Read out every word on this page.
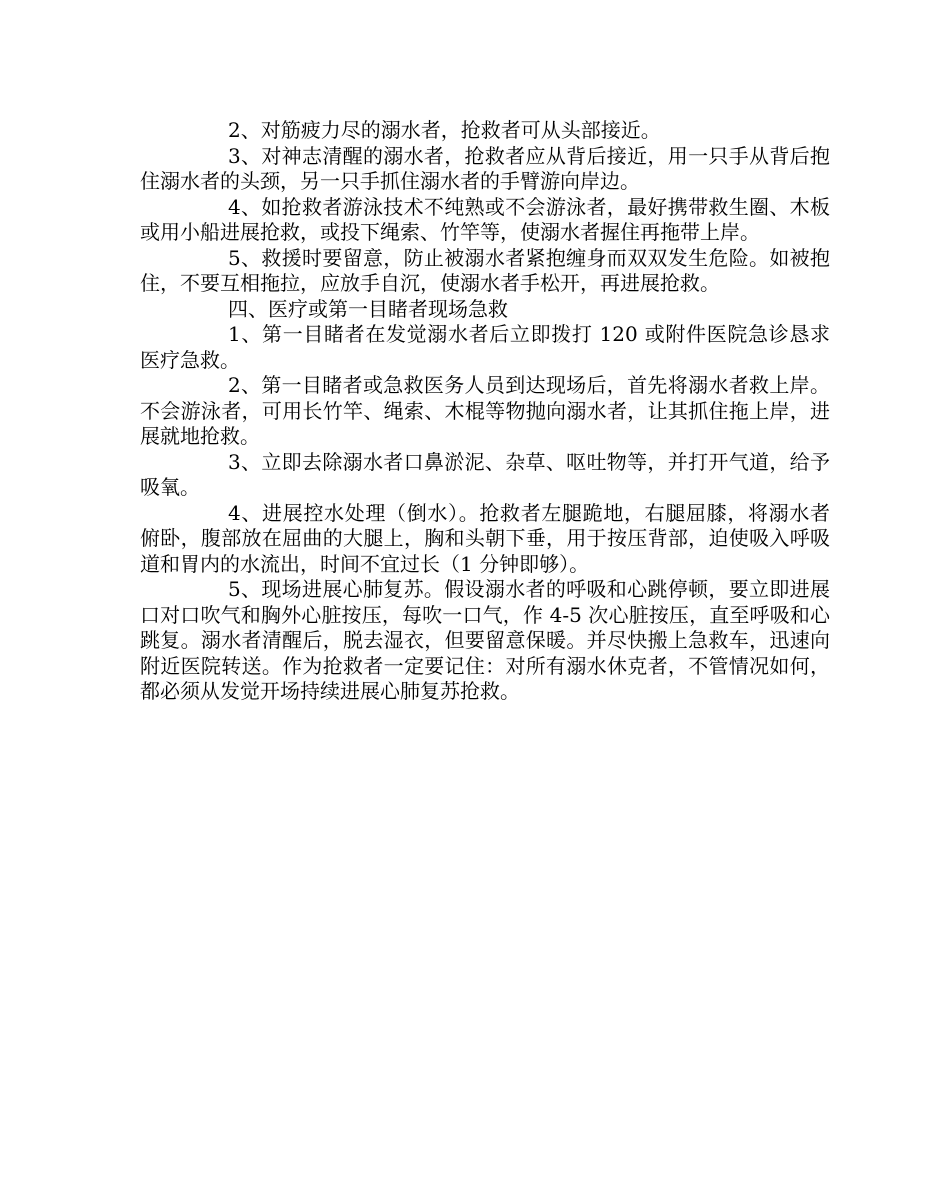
2、对筋疲力尽的溺水者，抢救者可从头部接近。

3、对神志清醒的溺水者，抢救者应从背后接近，用一只手从背后抱住溺水者的头颈，另一只手抓住溺水者的手臂游向岸边。

4、如抢救者游泳技术不纯熟或不会游泳者，最好携带救生圈、木板或用小船进展抢救，或投下绳索、竹竿等，使溺水者握住再拖带上岸。

5、救援时要留意，防止被溺水者紧抱缠身而双双发生危险。如被抱住，不要互相拖拉，应放手自沉，使溺水者手松开，再进展抢救。

四、医疗或第一目睹者现场急救

1、第一目睹者在发觉溺水者后立即拨打 120 或附件医院急诊恳求医疗急救。

2、第一目睹者或急救医务人员到达现场后，首先将溺水者救上岸。不会游泳者，可用长竹竿、绳索、木棍等物抛向溺水者，让其抓住拖上岸，进展就地抢救。

3、立即去除溺水者口鼻淤泥、杂草、呕吐物等，并打开气道，给予吸氧。

4、进展控水处理（倒水）。抢救者左腿跪地，右腿屈膝，将溺水者俯卧，腹部放在屈曲的大腿上，胸和头朝下垂，用于按压背部，迫使吸入呼吸道和胃内的水流出，时间不宜过长（1 分钟即够）。

5、现场进展心肺复苏。假设溺水者的呼吸和心跳停顿，要立即进展口对口吹气和胸外心脏按压，每吹一口气，作 4-5 次心脏按压，直至呼吸和心跳复。溺水者清醒后，脱去湿衣，但要留意保暖。并尽快搬上急救车，迅速向附近医院转送。作为抢救者一定要记住：对所有溺水休克者，不管情况如何，都必须从发觉开场持续进展心肺复苏抢救。
